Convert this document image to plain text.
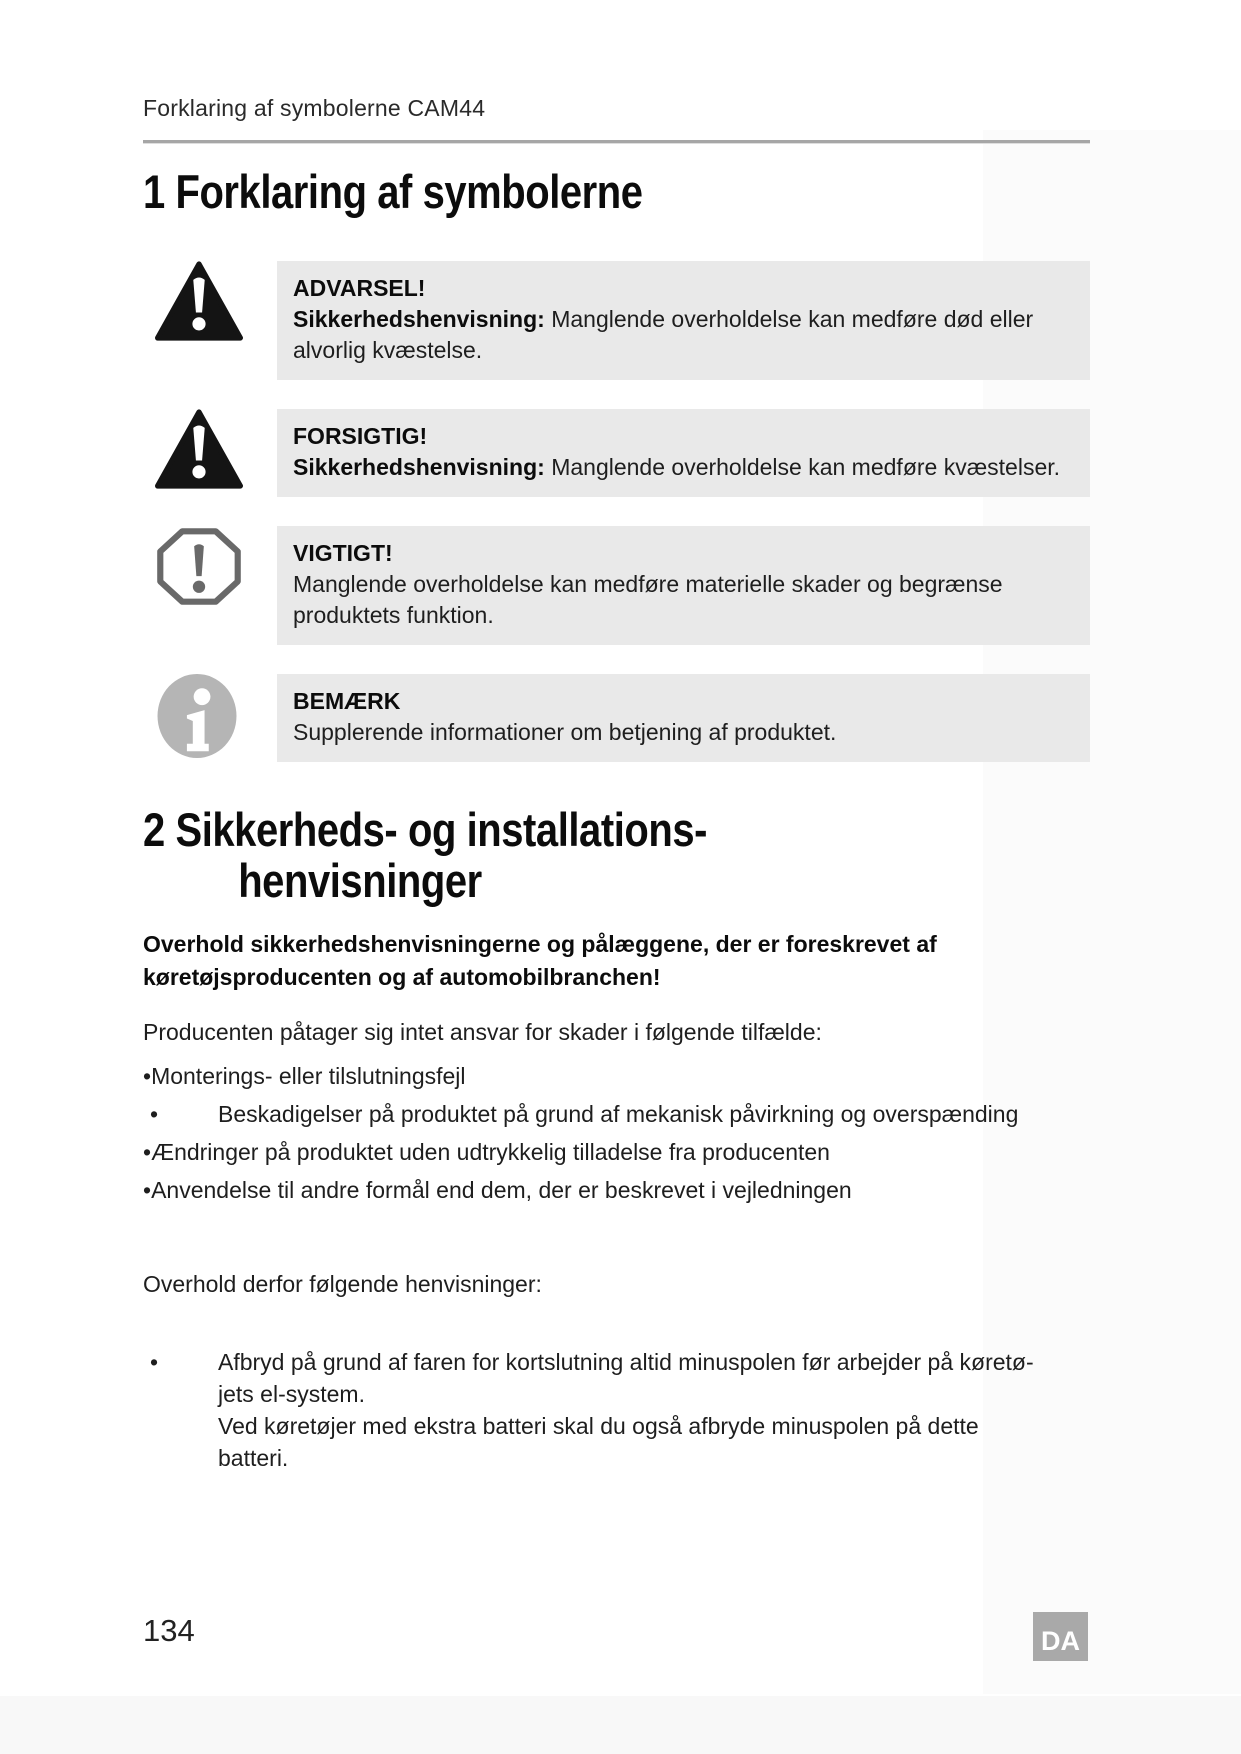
Forklaring af symbolerne CAM44
1 Forklaring af symbolerne
ADVARSEL!
Sikkerhedshenvisning: Manglende overholdelse kan medføre død eller alvorlig kvæstelse.
FORSIGTIG!
Sikkerhedshenvisning: Manglende overholdelse kan medføre kvæstelser.
VIGTIGT!
Manglende overholdelse kan medføre materielle skader og begrænse produktets funktion.
BEMÆRK
Supplerende informationer om betjening af produktet.
2 Sikkerheds- og installations-
henvisninger
Overhold sikkerhedshenvisningerne og pålæggene, der er foreskrevet af køretøjsproducenten og af automobilbranchen!
Producenten påtager sig intet ansvar for skader i følgende tilfælde:
• Monterings- eller tilslutningsfejl
•	Beskadigelser på produktet på grund af mekanisk påvirkning og overspænding
• Ændringer på produktet uden udtrykkelig tilladelse fra producenten
• Anvendelse til andre formål end dem, der er beskrevet i vejledningen
Overhold derfor følgende henvisninger:
•	Afbryd på grund af faren for kortslutning altid minuspolen før arbejder på køretø-
jets el-system.
Ved køretøjer med ekstra batteri skal du også afbryde minuspolen på dette
batteri.
134	DA
